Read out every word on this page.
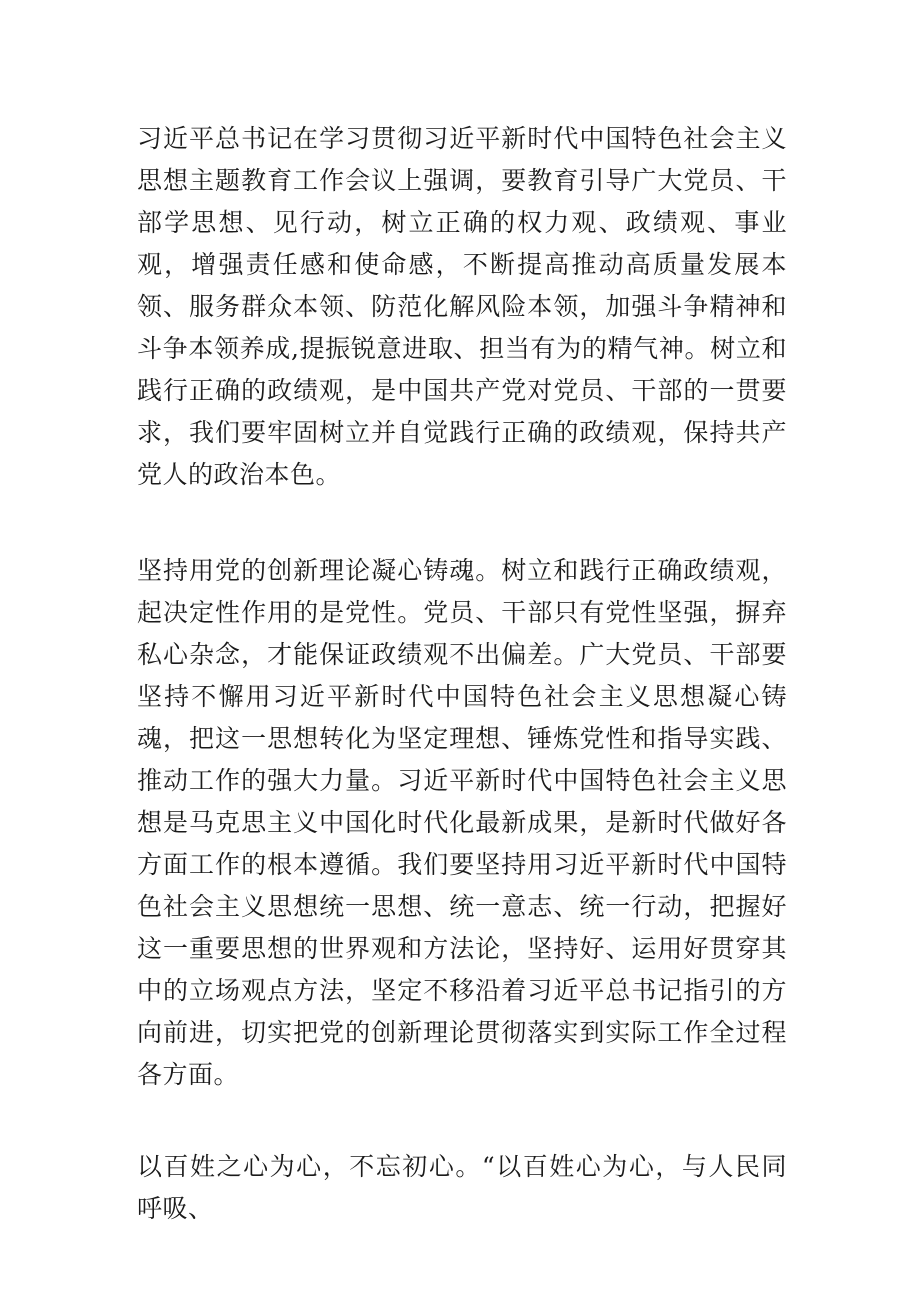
习近平总书记在学习贯彻习近平新时代中国特色社会主义思想主题教育工作会议上强调，要教育引导广大党员、干部学思想、见行动，树立正确的权力观、政绩观、事业观，增强责任感和使命感，不断提高推动高质量发展本领、服务群众本领、防范化解风险本领，加强斗争精神和斗争本领养成,提振锐意进取、担当有为的精气神。树立和践行正确的政绩观，是中国共产党对党员、干部的一贯要求，我们要牢固树立并自觉践行正确的政绩观，保持共产党人的政治本色。

坚持用党的创新理论凝心铸魂。树立和践行正确政绩观，起决定性作用的是党性。党员、干部只有党性坚强，摒弃私心杂念，才能保证政绩观不出偏差。广大党员、干部要坚持不懈用习近平新时代中国特色社会主义思想凝心铸魂，把这一思想转化为坚定理想、锤炼党性和指导实践、推动工作的强大力量。习近平新时代中国特色社会主义思想是马克思主义中国化时代化最新成果，是新时代做好各方面工作的根本遵循。我们要坚持用习近平新时代中国特色社会主义思想统一思想、统一意志、统一行动，把握好这一重要思想的世界观和方法论，坚持好、运用好贯穿其中的立场观点方法，坚定不移沿着习近平总书记指引的方向前进，切实把党的创新理论贯彻落实到实际工作全过程各方面。

以百姓之心为心，不忘初心。“以百姓心为心，与人民同呼吸、
